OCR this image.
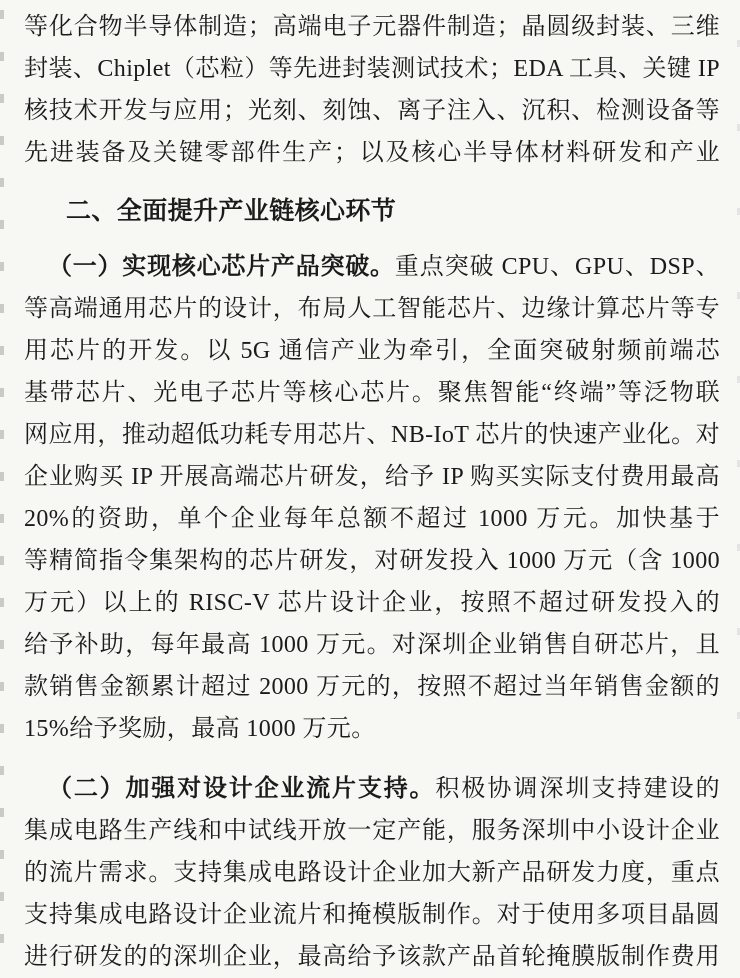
等化合物半导体制造；高端电子元器件制造；晶圆级封装、三维
封装、Chiplet（芯粒）等先进封装测试技术；EDA 工具、关键 IP
核技术开发与应用；光刻、刻蚀、离子注入、沉积、检测设备等
先进装备及关键零部件生产；以及核心半导体材料研发和产业
二、全面提升产业链核心环节
（一）实现核心芯片产品突破。重点突破 CPU、GPU、DSP、
等高端通用芯片的设计，布局人工智能芯片、边缘计算芯片等专
用芯片的开发。以 5G 通信产业为牵引，全面突破射频前端芯
基带芯片、光电子芯片等核心芯片。聚焦智能“终端”等泛物联
网应用，推动超低功耗专用芯片、NB-IoT 芯片的快速产业化。对
企业购买 IP 开展高端芯片研发，给予 IP 购买实际支付费用最高
20%的资助，单个企业每年总额不超过 1000 万元。加快基于
等精简指令集架构的芯片研发，对研发投入 1000 万元（含 1000
万元）以上的 RISC-V 芯片设计企业，按照不超过研发投入的
给予补助，每年最高 1000 万元。对深圳企业销售自研芯片，且
款销售金额累计超过 2000 万元的，按照不超过当年销售金额的
15%给予奖励，最高 1000 万元。
（二）加强对设计企业流片支持。积极协调深圳支持建设的
集成电路生产线和中试线开放一定产能，服务深圳中小设计企业
的流片需求。支持集成电路设计企业加大新产品研发力度，重点
支持集成电路设计企业流片和掩模版制作。对于使用多项目晶圆
进行研发的的深圳企业，最高给予该款产品首轮掩膜版制作费用
